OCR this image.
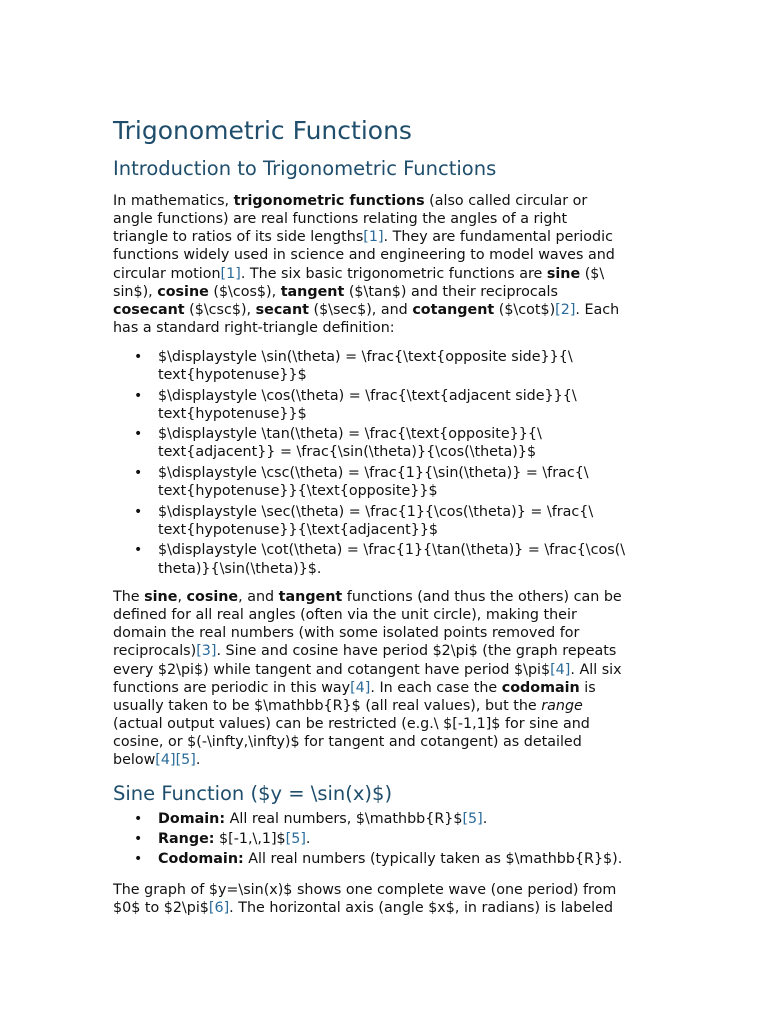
Trigonometric Functions
Introduction to Trigonometric Functions

In mathematics, trigonometric functions (also called circular or
angle functions) are real functions relating the angles of a right
triangle to ratios of its side lengths[1]. They are fundamental periodic
functions widely used in science and engineering to model waves and
circular motion[1]. The six basic trigonometric functions are sine ($\
sin$), cosine ($\cos$), tangent ($\tan$) and their reciprocals
cosecant ($\csc$), secant ($\sec$), and cotangent ($\cot$)[2]. Each
has a standard right-triangle definition:

• $\displaystyle \sin(\theta) = \frac{\text{opposite side}}{\
text{hypotenuse}}$
• $\displaystyle \cos(\theta) = \frac{\text{adjacent side}}{\
text{hypotenuse}}$
• $\displaystyle \tan(\theta) = \frac{\text{opposite}}{\
text{adjacent}} = \frac{\sin(\theta)}{\cos(\theta)}$
• $\displaystyle \csc(\theta) = \frac{1}{\sin(\theta)} = \frac{\
text{hypotenuse}}{\text{opposite}}$
• $\displaystyle \sec(\theta) = \frac{1}{\cos(\theta)} = \frac{\
text{hypotenuse}}{\text{adjacent}}$
• $\displaystyle \cot(\theta) = \frac{1}{\tan(\theta)} = \frac{\cos(\
theta)}{\sin(\theta)}$.

The sine, cosine, and tangent functions (and thus the others) can be
defined for all real angles (often via the unit circle), making their
domain the real numbers (with some isolated points removed for
reciprocals)[3]. Sine and cosine have period $2\pi$ (the graph repeats
every $2\pi$) while tangent and cotangent have period $\pi$[4]. All six
functions are periodic in this way[4]. In each case the codomain is
usually taken to be $\mathbb{R}$ (all real values), but the range
(actual output values) can be restricted (e.g.\ $[-1,1]$ for sine and
cosine, or $(-\infty,\infty)$ for tangent and cotangent) as detailed
below[4][5].

Sine Function ($y = \sin(x)$)
• Domain: All real numbers, $\mathbb{R}$[5].
• Range: $[-1,\,1]$[5].
• Codomain: All real numbers (typically taken as $\mathbb{R}$).

The graph of $y=\sin(x)$ shows one complete wave (one period) from
$0$ to $2\pi$[6]. The horizontal axis (angle $x$, in radians) is labeled
